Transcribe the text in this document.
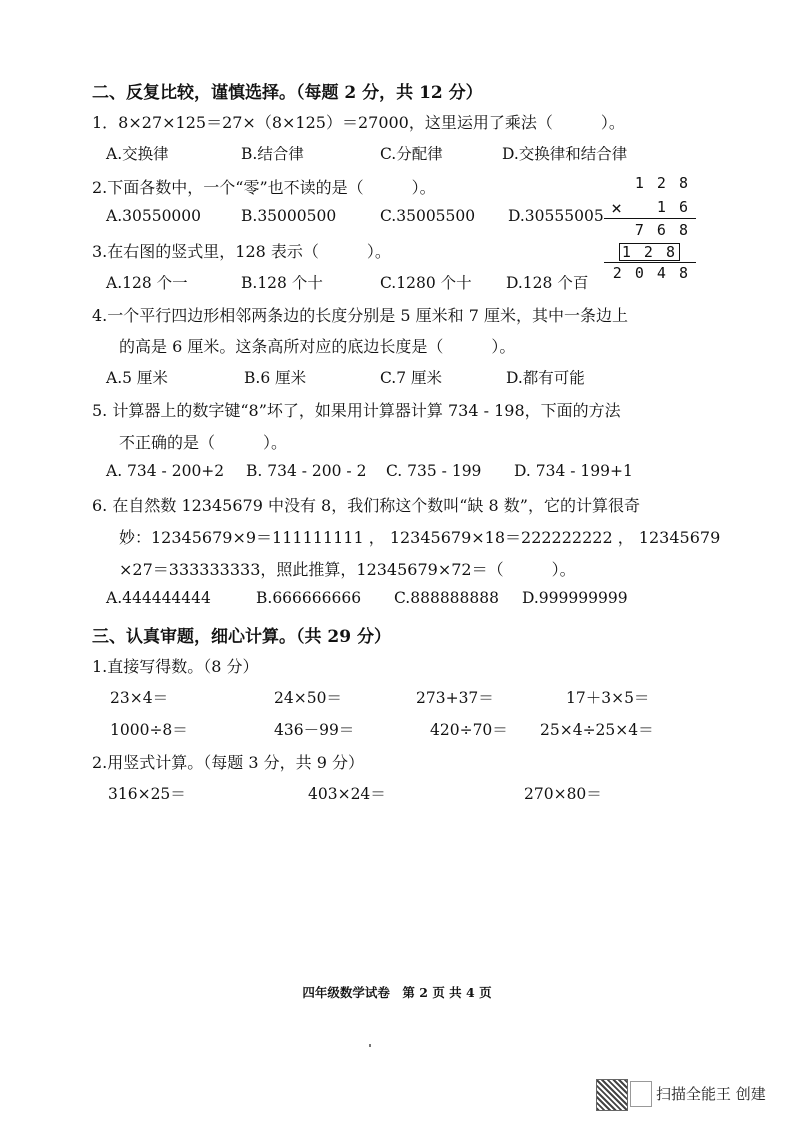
二、反复比较，谨慎选择。（每题 2 分，共 12 分）
1．8×27×125＝27×（8×125）＝27000，这里运用了乘法（　　　）。
A.交换律	B.结合律	C.分配律	D.交换律和结合律
2.下面各数中，一个“零”也不读的是（　　　）。
A.30550000	B.35000500	C.35005500 D.30555005
1 2 8
× 1 6
7 6 8
1 2 8
2 0 4 8
3.在右图的竖式里，128 表示（　　　）。
A.128 个一	B.128 个十	C.1280 个十 D.128 个百
4.一个平行四边形相邻两条边的长度分别是 5 厘米和 7 厘米，其中一条边上
的高是 6 厘米。这条高所对应的底边长度是（　　　）。
A.5 厘米	B.6 厘米	C.7 厘米	D.都有可能
5. 计算器上的数字键“8”坏了，如果用计算器计算 734 - 198，下面的方法
不正确的是（　　　）。
A. 734 - 200+2 B. 734 - 200 - 2 C. 735 - 199 D. 734 - 199+1
6. 在自然数 12345679 中没有 8，我们称这个数叫“缺 8 数”，它的计算很奇
妙：12345679×9＝111111111 ， 12345679×18＝222222222 ， 12345679
×27＝333333333，照此推算，12345679×72＝（　　　）。
A.444444444	B.666666666 C.888888888 D.999999999
三、认真审题，细心计算。（共 29 分）
1.直接写得数。（8 分）
23×4＝	24×50＝	273+37＝	17＋3×5＝
1000÷8＝	436－99＝	420÷70＝ 25×4÷25×4＝
2.用竖式计算。（每题 3 分，共 9 分）
316×25＝	403×24＝	270×80＝
四年级数学试卷　第 2 页 共 4 页
扫描全能王 创建
